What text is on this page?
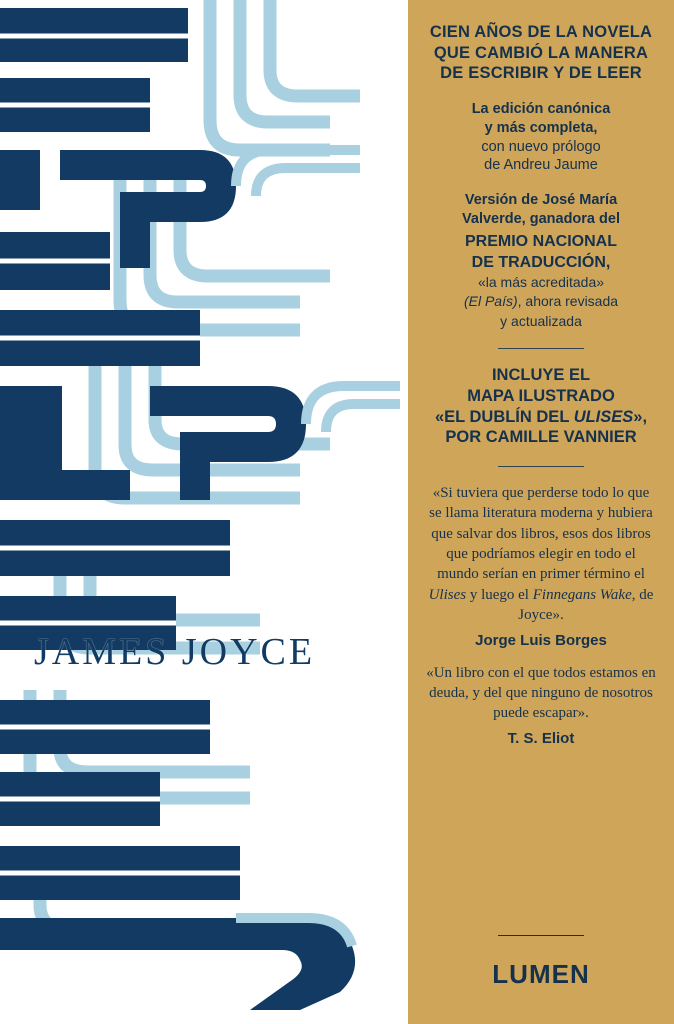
JAMES JOYCE
CIEN AÑOS DE LA NOVELA QUE CAMBIÓ LA MANERA DE ESCRIBIR Y DE LEER
La edición canónica
y más completa,
con nuevo prólogo
de Andreu Jaume
Versión de José María
Valverde, ganadora del
PREMIO NACIONAL
DE TRADUCCIÓN,
«la más acreditada»
(El País), ahora revisada
y actualizada
INCLUYE EL
MAPA ILUSTRADO
«EL DUBLÍN DEL ULISES»,
POR CAMILLE VANNIER
«Si tuviera que perderse todo lo que se llama literatura moderna y hubiera que salvar dos libros, esos dos libros que podríamos elegir en todo el mundo serían en primer término el Ulises y luego el Finnegans Wake, de Joyce».
Jorge Luis Borges
«Un libro con el que todos estamos en deuda, y del que ninguno de nosotros puede escapar».
T. S. Eliot
LUMEN
